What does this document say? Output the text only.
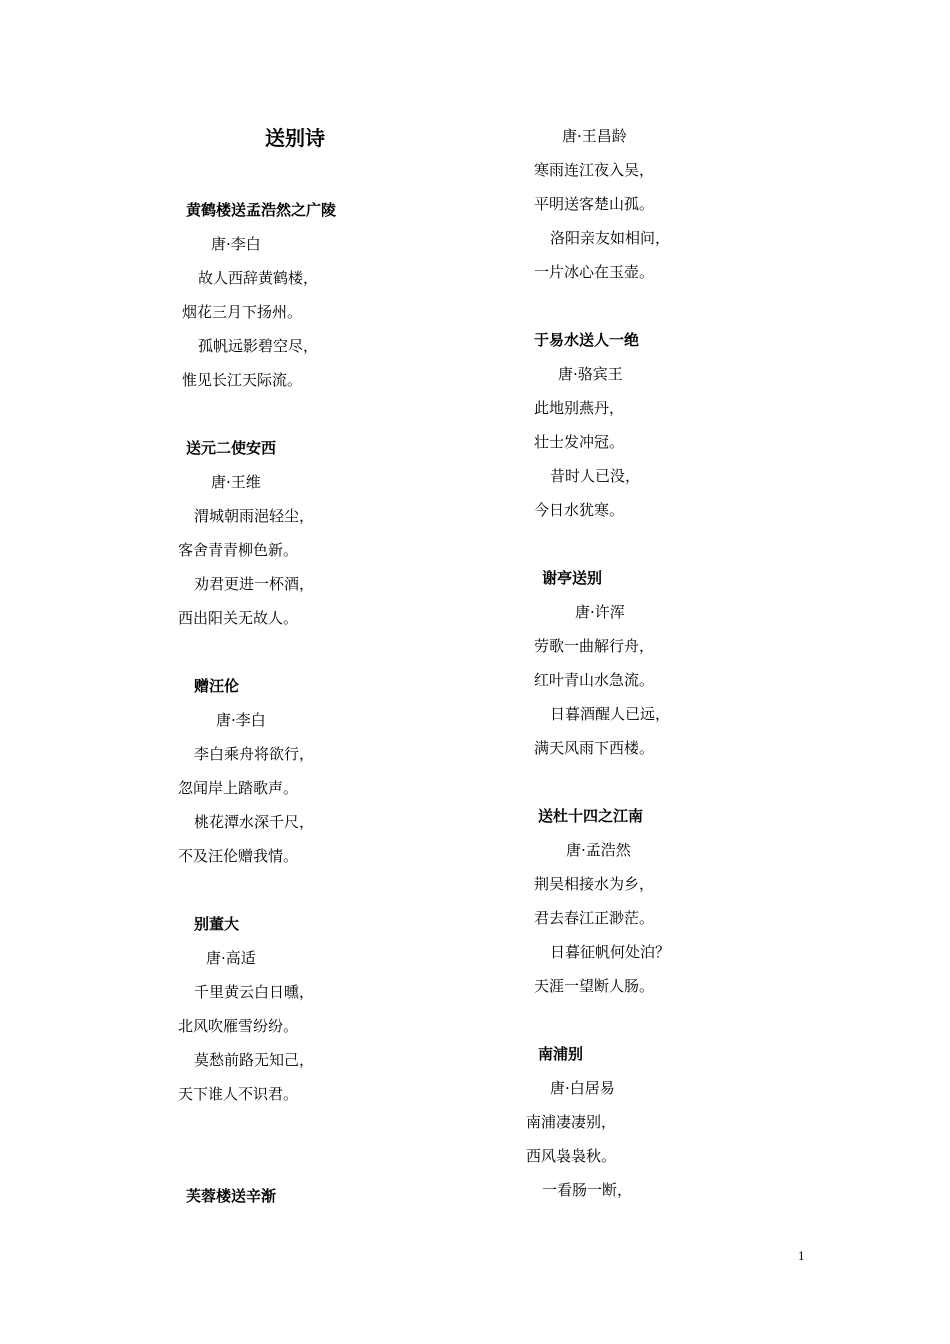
送别诗
黄鹤楼送孟浩然之广陵
唐·李白
故人西辞黄鹤楼，
烟花三月下扬州。
孤帆远影碧空尽，
惟见长江天际流。
送元二使安西
唐·王维
渭城朝雨浥轻尘，
客舍青青柳色新。
劝君更进一杯酒，
西出阳关无故人。
赠汪伦
唐·李白
李白乘舟将欲行，
忽闻岸上踏歌声。
桃花潭水深千尺，
不及汪伦赠我情。
别董大
唐·高适
千里黄云白日曛，
北风吹雁雪纷纷。
莫愁前路无知己，
天下谁人不识君。
芙蓉楼送辛渐
唐·王昌龄
寒雨连江夜入吴，
平明送客楚山孤。
洛阳亲友如相问，
一片冰心在玉壶。
于易水送人一绝
唐·骆宾王
此地别燕丹，
壮士发冲冠。
昔时人已没，
今日水犹寒。
谢亭送别
唐·许浑
劳歌一曲解行舟，
红叶青山水急流。
日暮酒醒人已远，
满天风雨下西楼。
送杜十四之江南
唐·孟浩然
荆吴相接水为乡，
君去春江正渺茫。
日暮征帆何处泊？
天涯一望断人肠。
南浦别
唐·白居易
南浦凄凄别，
西风袅袅秋。
一看肠一断，
1
